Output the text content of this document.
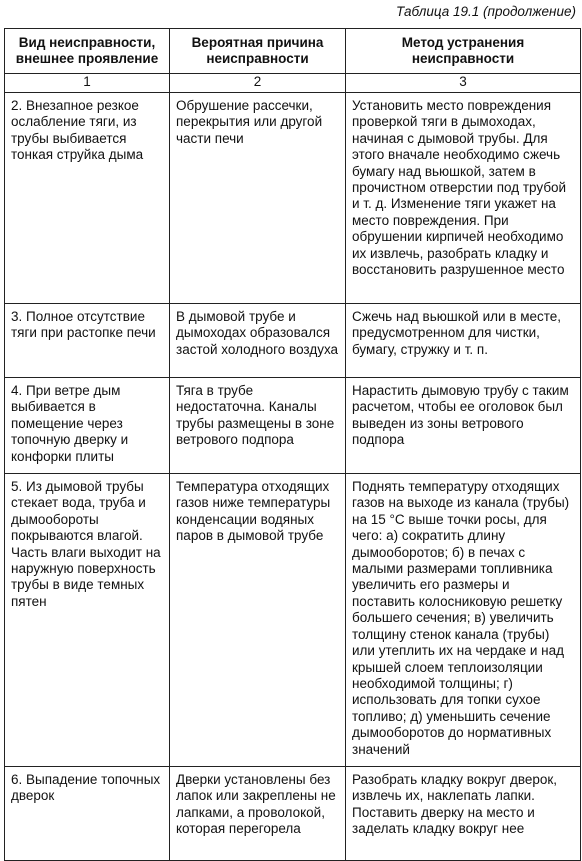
Таблица 19.1 (продолжение)
Вид неисправности, внешнее проявление	Вероятная причина неисправности	Метод устранения неисправности
1	2	3
2. Внезапное резкое ослабление тяги, из трубы выбивается тонкая струйка дыма	Обрушение рассечки, перекрытия или другой части печи	Установить место повреждения проверкой тяги в дымоходах, начиная с дымовой трубы. Для этого вначале необходимо сжечь бумагу над вьюшкой, затем в прочистном отверстии под трубой и т. д. Изменение тяги укажет на место повреждения. При обрушении кирпичей необходимо их извлечь, разобрать кладку и восстановить разрушенное место
3. Полное отсутствие тяги при растопке печи	В дымовой трубе и дымоходах образовался застой холодного воздуха	Сжечь над вьюшкой или в месте, предусмотренном для чистки, бумагу, стружку и т. п.
4. При ветре дым выбивается в помещение через топочную дверку и конфорки плиты	Тяга в трубе недостаточна. Каналы трубы размещены в зоне ветрового подпора	Нарастить дымовую трубу с таким расчетом, чтобы ее оголовок был выведен из зоны ветрового подпора
5. Из дымовой трубы стекает вода, труба и дымообороты покрываются влагой. Часть влаги выходит на наружную поверхность трубы в виде темных пятен	Температура отходящих газов ниже температуры конденсации водяных паров в дымовой трубе	Поднять температуру отходящих газов на выходе из канала (трубы) на 15 °С выше точки росы, для чего: а) сократить длину дымооборотов; б) в печах с малыми размерами топливника увеличить его размеры и поставить колосниковую решетку большего сечения; в) увеличить толщину стенок канала (трубы) или утеплить их на чердаке и над крышей слоем теплоизоляции необходимой толщины; г) использовать для топки сухое топливо; д) уменьшить сечение дымооборотов до нормативных значений
6. Выпадение топочных дверок	Дверки установлены без лапок или закреплены не лапками, а проволокой, которая перегорела	Разобрать кладку вокруг дверок, извлечь их, наклепать лапки. Поставить дверку на место и заделать кладку вокруг нее
